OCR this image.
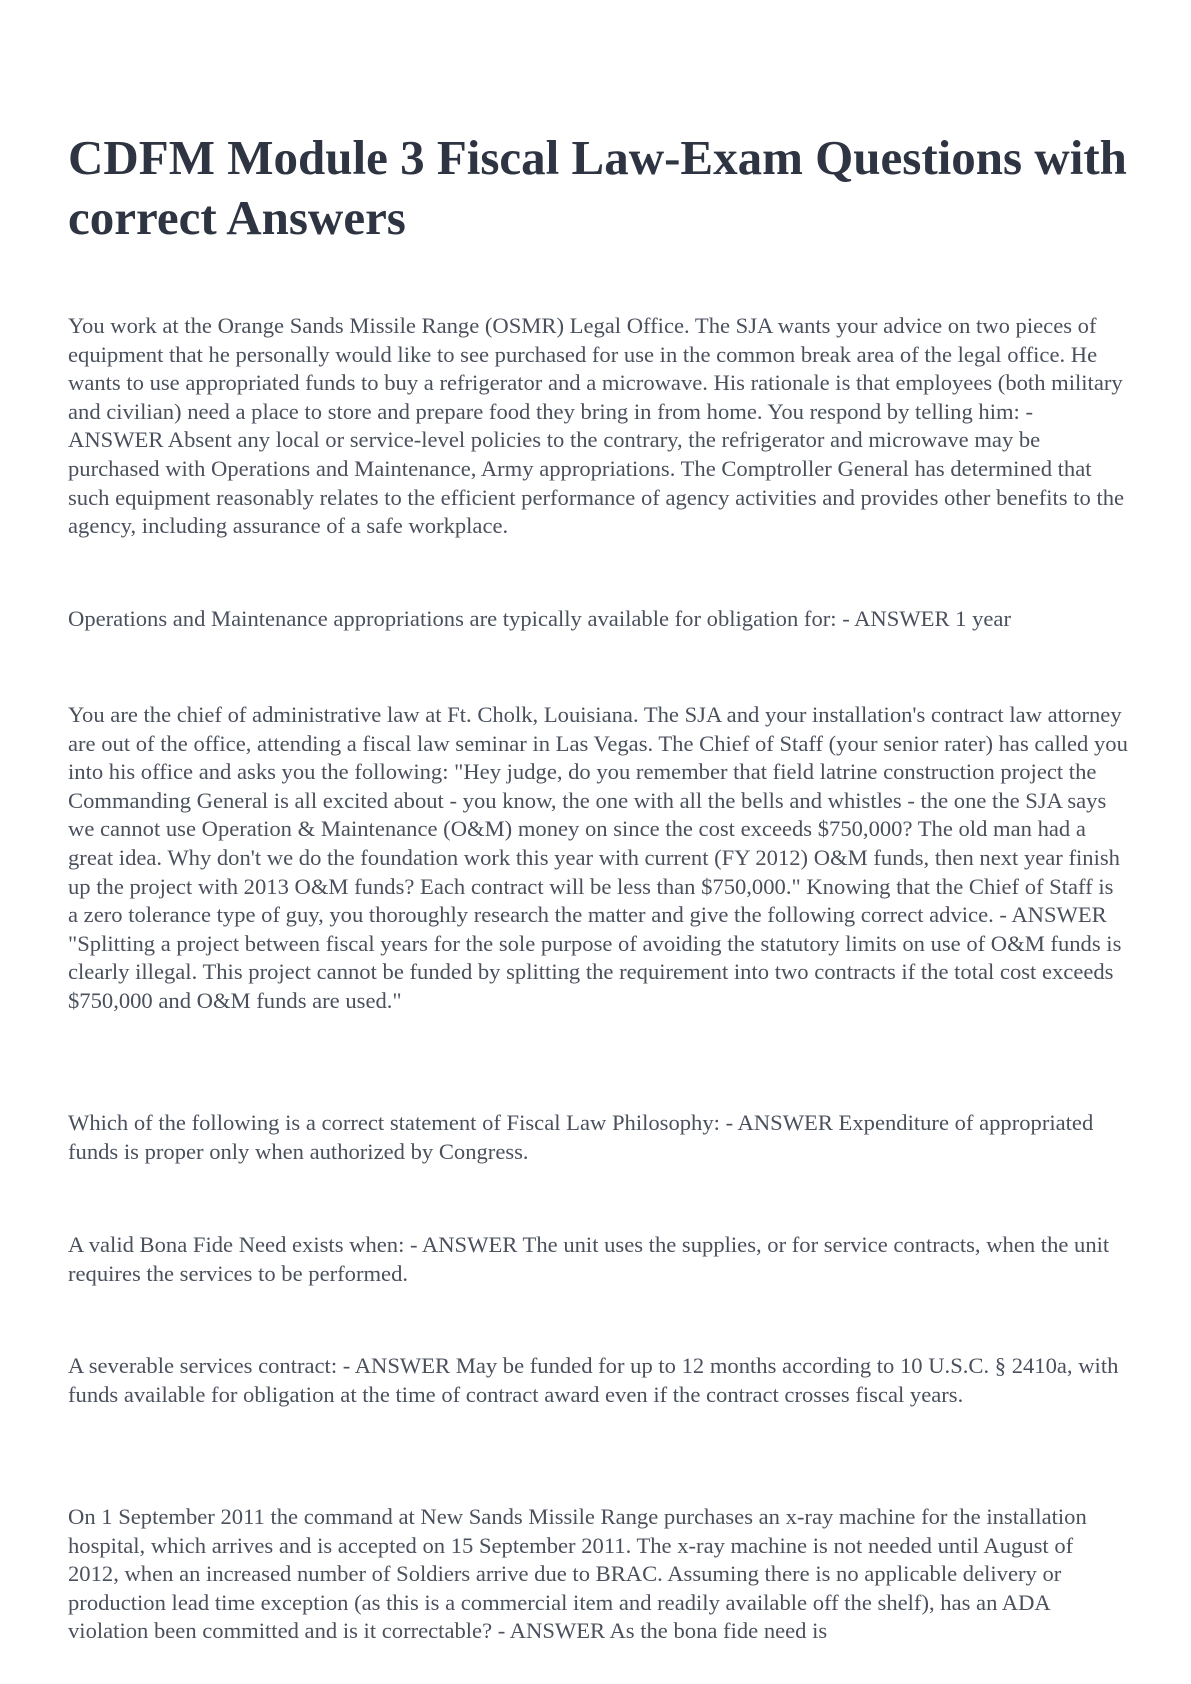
CDFM Module 3 Fiscal Law-Exam Questions with correct Answers

You work at the Orange Sands Missile Range (OSMR) Legal Office. The SJA wants your advice on two pieces of equipment that he personally would like to see purchased for use in the common break area of the legal office. He wants to use appropriated funds to buy a refrigerator and a microwave. His rationale is that employees (both military and civilian) need a place to store and prepare food they bring in from home. You respond by telling him: - ANSWER Absent any local or service-level policies to the contrary, the refrigerator and microwave may be purchased with Operations and Maintenance, Army appropriations. The Comptroller General has determined that such equipment reasonably relates to the efficient performance of agency activities and provides other benefits to the agency, including assurance of a safe workplace.

Operations and Maintenance appropriations are typically available for obligation for: - ANSWER 1 year

You are the chief of administrative law at Ft. Cholk, Louisiana. The SJA and your installation's contract law attorney are out of the office, attending a fiscal law seminar in Las Vegas. The Chief of Staff (your senior rater) has called you into his office and asks you the following: "Hey judge, do you remember that field latrine construction project the Commanding General is all excited about - you know, the one with all the bells and whistles - the one the SJA says we cannot use Operation & Maintenance (O&M) money on since the cost exceeds $750,000? The old man had a great idea. Why don't we do the foundation work this year with current (FY 2012) O&M funds, then next year finish up the project with 2013 O&M funds? Each contract will be less than $750,000." Knowing that the Chief of Staff is a zero tolerance type of guy, you thoroughly research the matter and give the following correct advice. - ANSWER "Splitting a project between fiscal years for the sole purpose of avoiding the statutory limits on use of O&M funds is clearly illegal. This project cannot be funded by splitting the requirement into two contracts if the total cost exceeds $750,000 and O&M funds are used."

Which of the following is a correct statement of Fiscal Law Philosophy: - ANSWER Expenditure of appropriated funds is proper only when authorized by Congress.

A valid Bona Fide Need exists when: - ANSWER The unit uses the supplies, or for service contracts, when the unit requires the services to be performed.

A severable services contract: - ANSWER May be funded for up to 12 months according to 10 U.S.C. § 2410a, with funds available for obligation at the time of contract award even if the contract crosses fiscal years.

On 1 September 2011 the command at New Sands Missile Range purchases an x-ray machine for the installation hospital, which arrives and is accepted on 15 September 2011. The x-ray machine is not needed until August of 2012, when an increased number of Soldiers arrive due to BRAC. Assuming there is no applicable delivery or production lead time exception (as this is a commercial item and readily available off the shelf), has an ADA violation been committed and is it correctable? - ANSWER As the bona fide need is
